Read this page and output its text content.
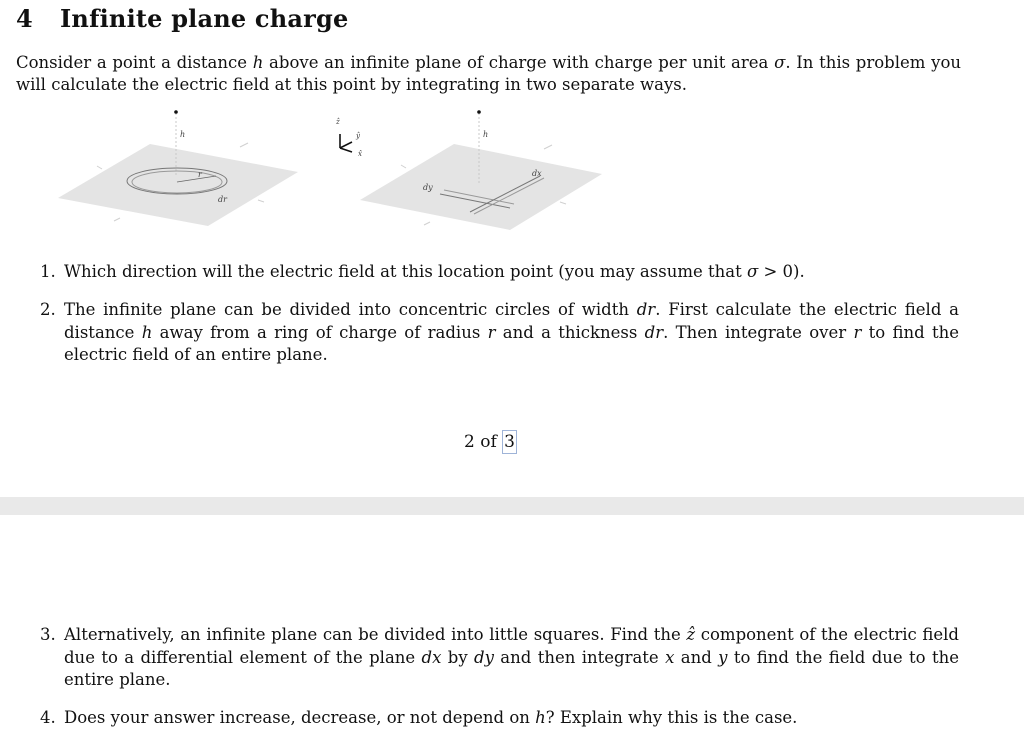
4 Infinite plane charge
Consider a point a distance h above an infinite plane of charge with charge per unit area σ. In this problem you will calculate the electric field at this point by integrating in two separate ways.
h
r
dr
ẑ
ŷ
x̂
h
dx
dy
1. Which direction will the electric field at this location point (you may assume that σ > 0).
2. The infinite plane can be divided into concentric circles of width dr. First calculate the electric field a distance h away from a ring of charge of radius r and a thickness dr. Then integrate over r to find the electric field of an entire plane.
2 of 3
3. Alternatively, an infinite plane can be divided into little squares. Find the ẑ component of the electric field due to a differential element of the plane dx by dy and then integrate x and y to find the field due to the entire plane.
4. Does your answer increase, decrease, or not depend on h? Explain why this is the case.
